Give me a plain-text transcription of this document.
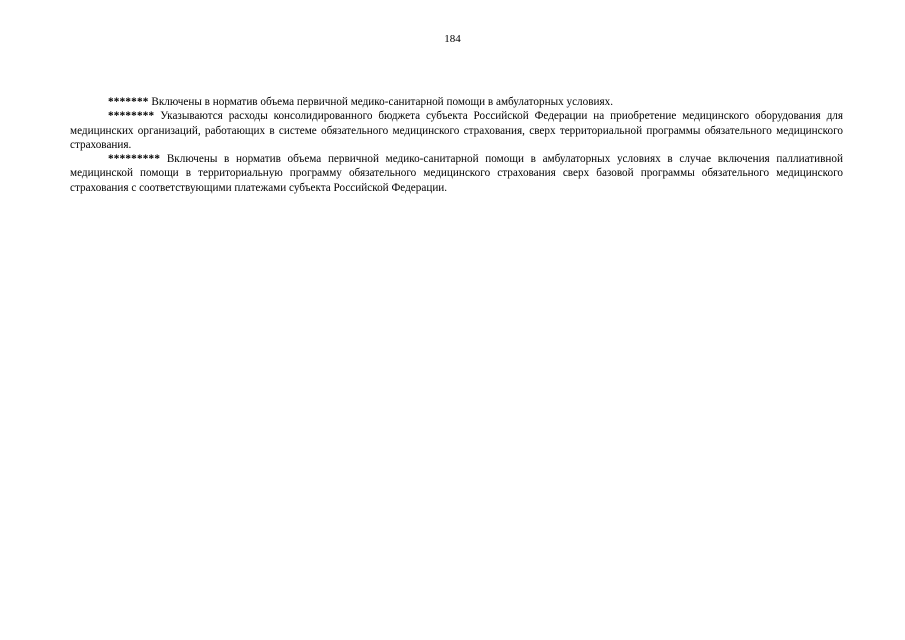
184

******* Включены в норматив объема первичной медико-санитарной помощи в амбулаторных условиях.

******** Указываются расходы консолидированного бюджета субъекта Российской Федерации на приобретение медицинского оборудования для медицинских организаций, работающих в системе обязательного медицинского страхования, сверх территориальной программы обязательного медицинского страхования.

********* Включены в норматив объема первичной медико-санитарной помощи в амбулаторных условиях в случае включения паллиативной медицинской помощи в территориальную программу обязательного медицинского страхования сверх базовой программы обязательного медицинского страхования с соответствующими платежами субъекта Российской Федерации.
